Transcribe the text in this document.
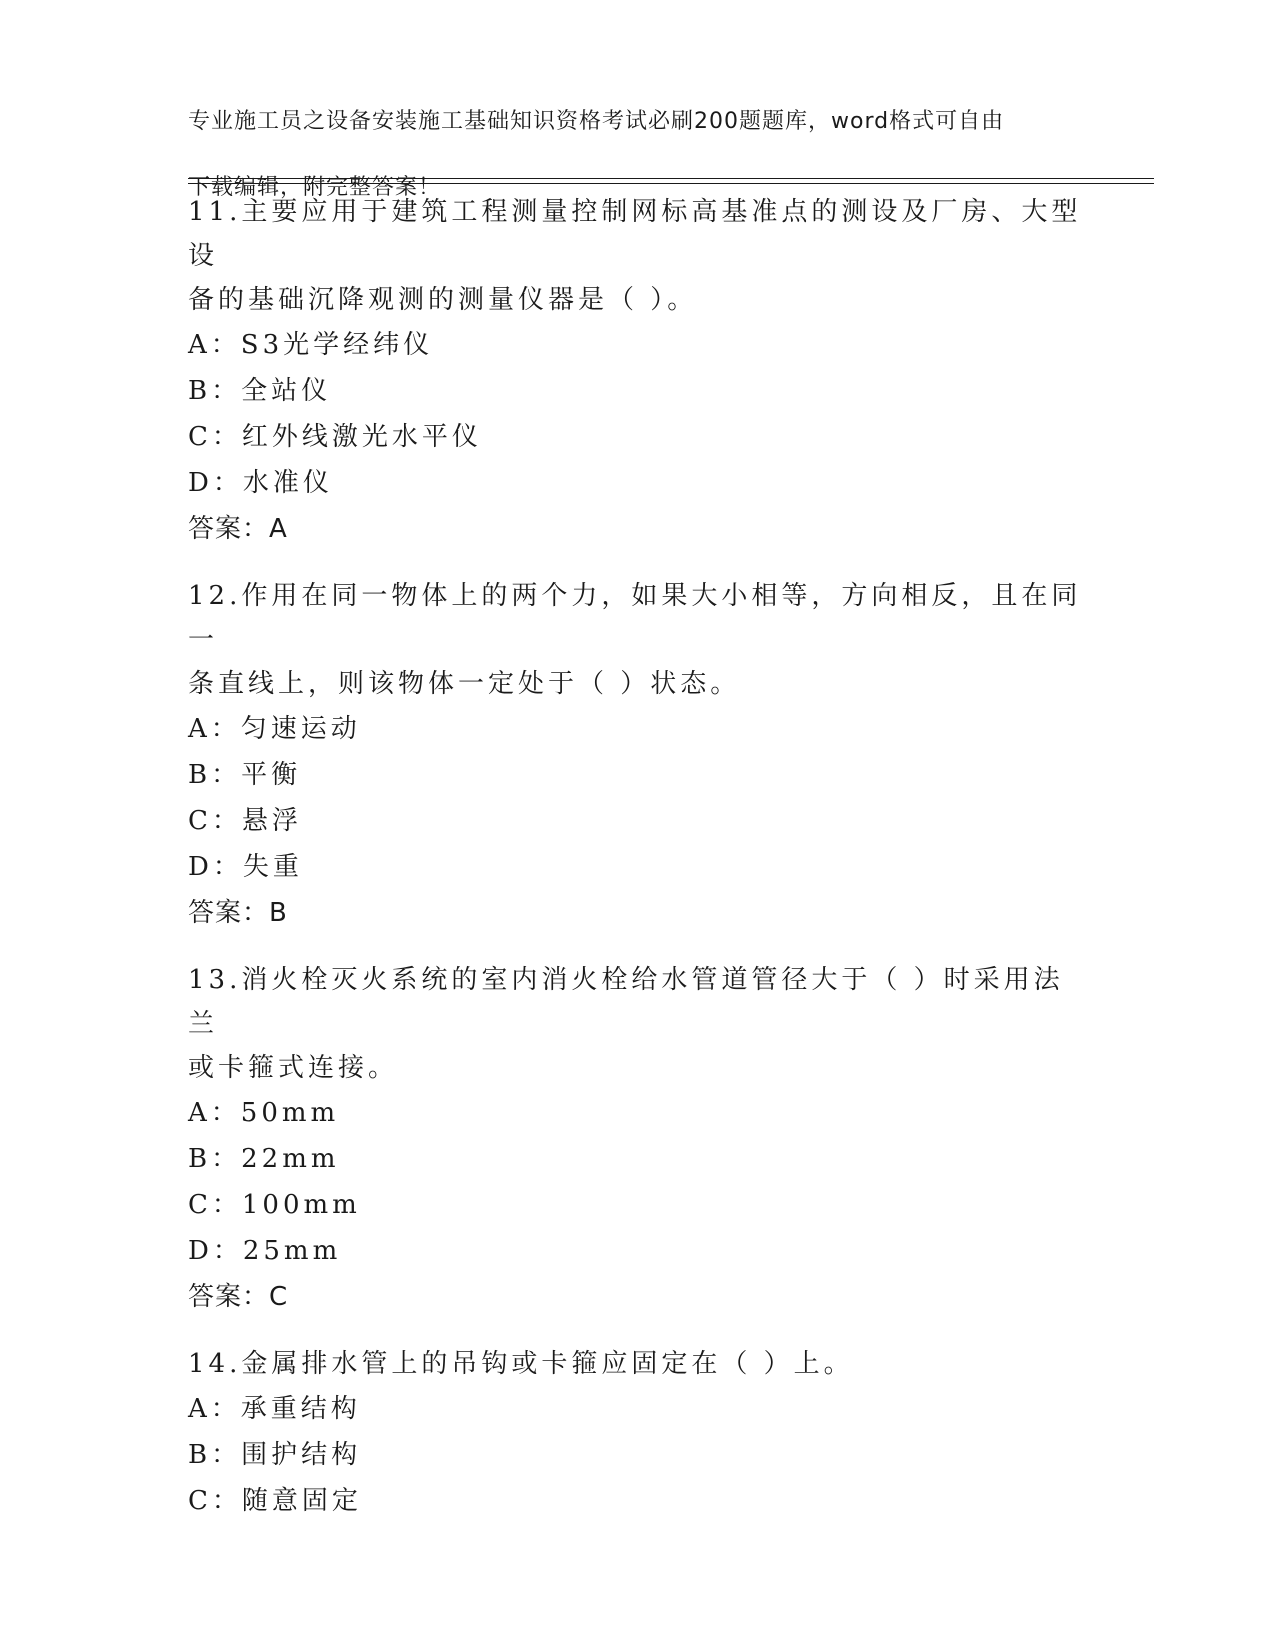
专业施工员之设备安装施工基础知识资格考试必刷200题题库，word格式可自由

下载编辑，附完整答案！

11.主要应用于建筑工程测量控制网标高基准点的测设及厂房、大型设
备的基础沉降观测的测量仪器是（ ）。
A：S3光学经纬仪
B：全站仪
C：红外线激光水平仪
D：水准仪
答案：A
12.作用在同一物体上的两个力，如果大小相等，方向相反，且在同一
条直线上，则该物体一定处于（ ）状态。
A：匀速运动
B：平衡
C：悬浮
D：失重
答案：B
13.消火栓灭火系统的室内消火栓给水管道管径大于（ ）时采用法兰
或卡箍式连接。
A：50mm
B：22mm
C：100mm
D：25mm
答案：C
14.金属排水管上的吊钩或卡箍应固定在（ ）上。
A：承重结构
B：围护结构
C：随意固定
